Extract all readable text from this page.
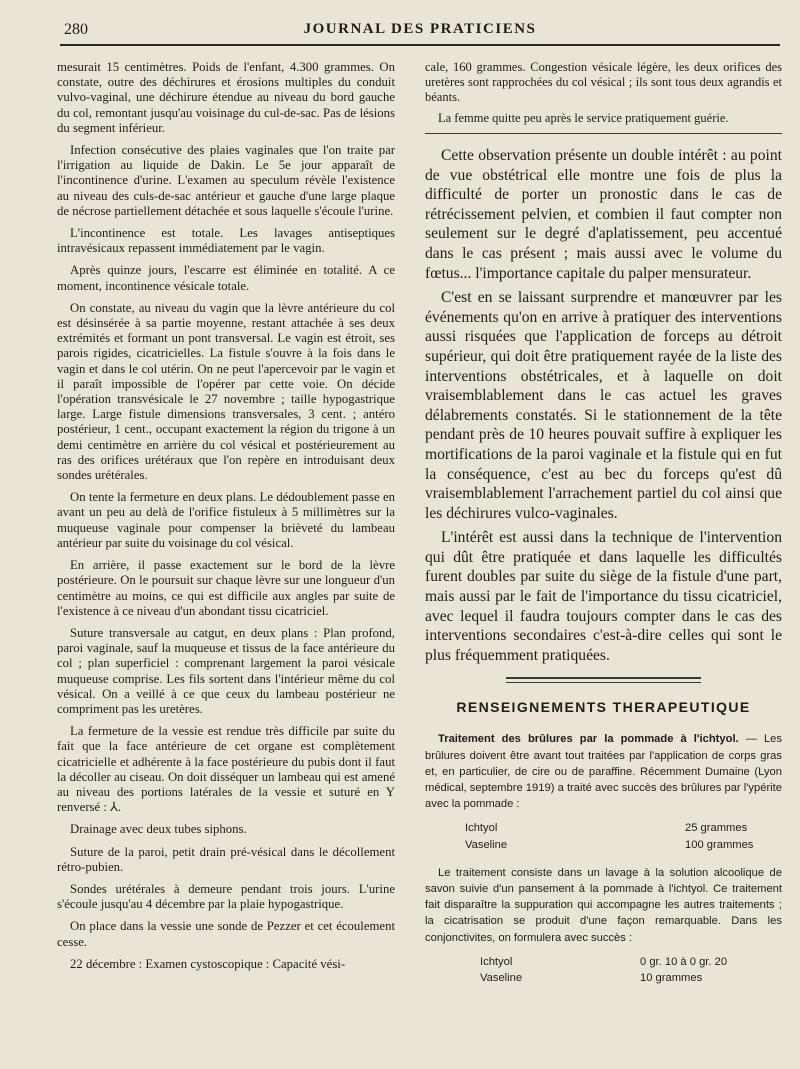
280	JOURNAL DES PRATICIENS

mesurait 15 centimètres. Poids de l'enfant, 4.300 grammes. On constate, outre des déchirures et érosions multiples du conduit vulvo-vaginal, une déchirure étendue au niveau du bord gauche du col, remontant jusqu'au voisinage du cul-de-sac. Pas de lésions du segment inférieur.

Infection consécutive des plaies vaginales que l'on traite par l'irrigation au liquide de Dakin. Le 5e jour apparaît de l'incontinence d'urine. L'examen au speculum révèle l'existence au niveau des culs-de-sac antérieur et gauche d'une large plaque de nécrose partiellement détachée et sous laquelle s'écoule l'urine.

L'incontinence est totale. Les lavages antiseptiques intravésicaux repassent immédiatement par le vagin.

Après quinze jours, l'escarre est éliminée en totalité. A ce moment, incontinence vésicale totale.

On constate, au niveau du vagin que la lèvre antérieure du col est désinsérée à sa partie moyenne, restant attachée à ses deux extrémités et formant un pont transversal. Le vagin est étroit, ses parois rigides, cicatricielles. La fistule s'ouvre à la fois dans le vagin et dans le col utérin. On ne peut l'apercevoir par le vagin et il paraît impossible de l'opérer par cette voie. On décide l'opération transvésicale le 27 novembre ; taille hypogastrique large. Large fistule dimensions transversales, 3 cent. ; antéro postérieur, 1 cent., occupant exactement la région du trigone à un demi centimètre en arrière du col vésical et postérieurement au ras des orifices urétéraux que l'on repère en introduisant deux sondes urétérales.

On tente la fermeture en deux plans. Le dédoublement passe en avant un peu au delà de l'orifice fistuleux à 5 millimètres sur la muqueuse vaginale pour compenser la brièveté du lambeau antérieur par suite du voisinage du col vésical.

En arrière, il passe exactement sur le bord de la lèvre postérieure. On le poursuit sur chaque lèvre sur une longueur d'un centimètre au moins, ce qui est difficile aux angles par suite de l'existence à ce niveau d'un abondant tissu cicatriciel.

Suture transversale au catgut, en deux plans : Plan profond, paroi vaginale, sauf la muqueuse et tissus de la face antérieure du col ; plan superficiel : comprenant largement la paroi vésicale muqueuse comprise. Les fils sortent dans l'intérieur même du col vésical. On a veillé à ce que ceux du lambeau postérieur ne compriment pas les uretères.

La fermeture de la vessie est rendue très difficile par suite du fait que la face antérieure de cet organe est complètement cicatricielle et adhérente à la face postérieure du pubis dont il faut la décoller au ciseau. On doit disséquer un lambeau qui est amené au niveau des portions latérales de la vessie et suturé en Y renversé : ⅄.

Drainage avec deux tubes siphons.

Suture de la paroi, petit drain pré-vésical dans le décollement rétro-pubien.

Sondes urétérales à demeure pendant trois jours. L'urine s'écoule jusqu'au 4 décembre par la plaie hypogastrique.

On place dans la vessie une sonde de Pezzer et cet écoulement cesse.

22 décembre : Examen cystoscopique : Capacité vési-

cale, 160 grammes. Congestion vésicale légère, les deux orifices des uretères sont rapprochées du col vésical ; ils sont tous deux agrandis et béants.

La femme quitte peu après le service pratiquement guérie.

Cette observation présente un double intérêt : au point de vue obstétrical elle montre une fois de plus la difficulté de porter un pronostic dans le cas de rétrécissement pelvien, et combien il faut compter non seulement sur le degré d'aplatissement, peu accentué dans le cas présent ; mais aussi avec le volume du fœtus... l'importance capitale du palper mensurateur.

C'est en se laissant surprendre et manœuvrer par les événements qu'on en arrive à pratiquer des interventions aussi risquées que l'application de forceps au détroit supérieur, qui doit être pratiquement rayée de la liste des interventions obstétricales, et à laquelle on doit vraisemblablement dans le cas actuel les graves délabrements constatés. Si le stationnement de la tête pendant près de 10 heures pouvait suffire à expliquer les mortifications de la paroi vaginale et la fistule qui en fut la conséquence, c'est au bec du forceps qu'est dû vraisemblablement l'arrachement partiel du col ainsi que les déchirures vulco-vaginales.

L'intérêt est aussi dans la technique de l'intervention qui dût être pratiquée et dans laquelle les difficultés furent doubles par suite du siège de la fistule d'une part, mais aussi par le fait de l'importance du tissu cicatriciel, avec lequel il faudra toujours compter dans le cas des interventions secondaires c'est-à-dire celles qui sont le plus fréquemment pratiquées.

RENSEIGNEMENTS THERAPEUTIQUE

Traitement des brûlures par la pommade à l'ichtyol. — Les brûlures doivent être avant tout traitées par l'application de corps gras et, en particulier, de cire ou de paraffine. Récemment Dumaine (Lyon médical, septembre 1919) a traité avec succès des brûlures par l'ypérite avec la pommade :

Ichtyol	25 grammes
Vaseline	100 grammes

Le traitement consiste dans un lavage à la solution alcoolique de savon suivie d'un pansement à la pommade à l'ichtyol. Ce traitement fait disparaître la suppuration qui accompagne les autres traitements ; la cicatrisation se produit d'une façon remarquable. Dans les conjonctivites, on formulera avec succès :

Ichtyol	0 gr. 10 à 0 gr. 20
Vaseline	10 grammes
